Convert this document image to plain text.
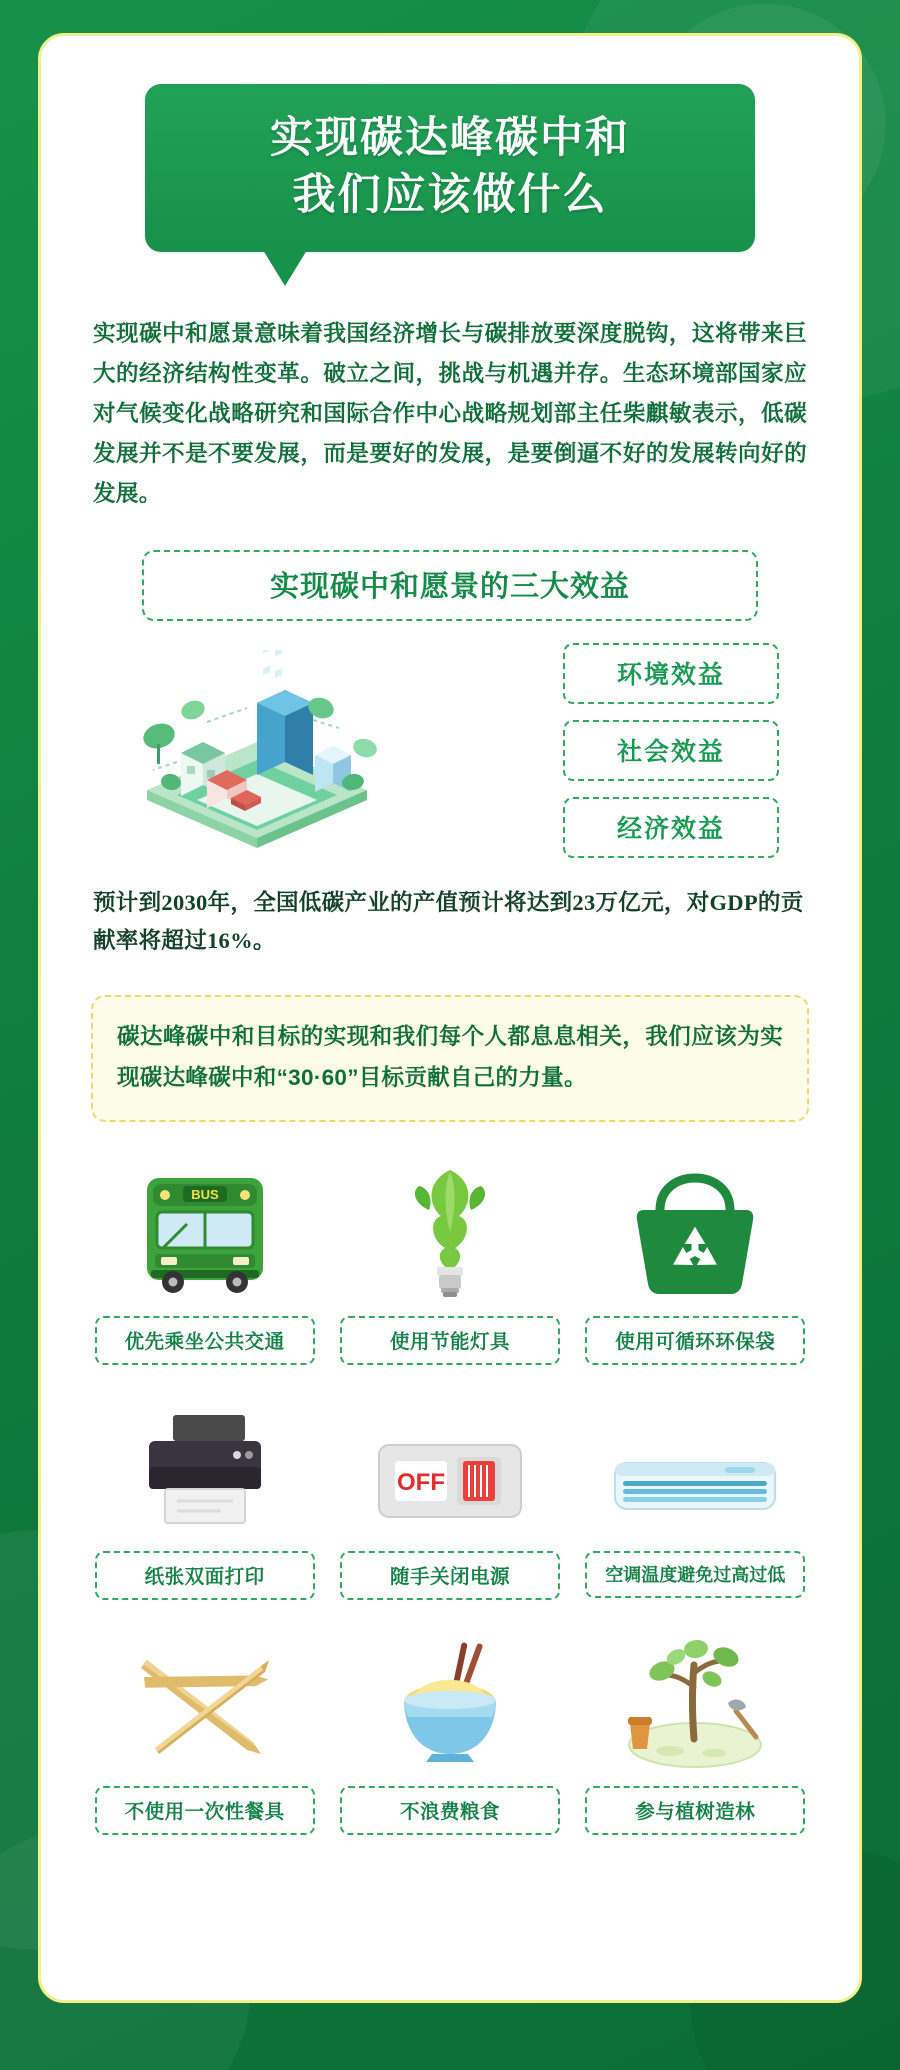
实现碳达峰碳中和
我们应该做什么

实现碳中和愿景意味着我国经济增长与碳排放要深度脱钩，这将带来巨大的经济结构性变革。破立之间，挑战与机遇并存。生态环境部国家应对气候变化战略研究和国际合作中心战略规划部主任柴麒敏表示，低碳发展并不是不要发展，而是要好的发展，是要倒逼不好的发展转向好的发展。

实现碳中和愿景的三大效益
环境效益
社会效益
经济效益

预计到2030年，全国低碳产业的产值预计将达到23万亿元，对GDP的贡献率将超过16%。

碳达峰碳中和目标的实现和我们每个人都息息相关，我们应该为实现碳达峰碳中和“30·60”目标贡献自己的力量。
BUS
优先乘坐公共交通	使用节能灯具	使用可循环环保袋
纸张双面打印
OFF
随手关闭电源	空调温度避免过高过低
不使用一次性餐具	不浪费粮食	参与植树造林
